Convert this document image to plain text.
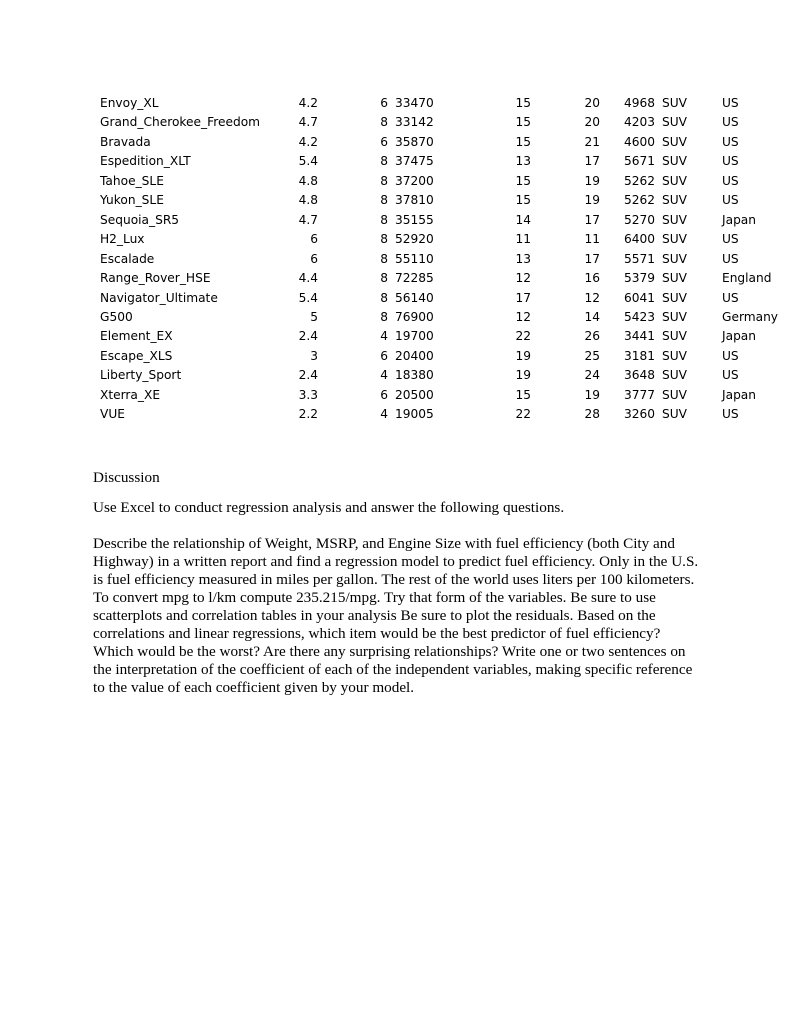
Envoy_XL	4.2	6	33470	15	20	4968	SUV	US
Grand_Cherokee_Freedom	4.7	8	33142	15	20	4203	SUV	US
Bravada	4.2	6	35870	15	21	4600	SUV	US
Espedition_XLT	5.4	8	37475	13	17	5671	SUV	US
Tahoe_SLE	4.8	8	37200	15	19	5262	SUV	US
Yukon_SLE	4.8	8	37810	15	19	5262	SUV	US
Sequoia_SR5	4.7	8	35155	14	17	5270	SUV	Japan
H2_Lux	6	8	52920	11	11	6400	SUV	US
Escalade	6	8	55110	13	17	5571	SUV	US
Range_Rover_HSE	4.4	8	72285	12	16	5379	SUV	England
Navigator_Ultimate	5.4	8	56140	17	12	6041	SUV	US
G500	5	8	76900	12	14	5423	SUV	Germany
Element_EX	2.4	4	19700	22	26	3441	SUV	Japan
Escape_XLS	3	6	20400	19	25	3181	SUV	US
Liberty_Sport	2.4	4	18380	19	24	3648	SUV	US
Xterra_XE	3.3	6	20500	15	19	3777	SUV	Japan
VUE	2.2	4	19005	22	28	3260	SUV	US

Discussion

Use Excel to conduct regression analysis and answer the following questions.

Describe the relationship of Weight, MSRP, and Engine Size with fuel efficiency (both City and Highway) in a written report and find a regression model to predict fuel efficiency. Only in the U.S. is fuel efficiency measured in miles per gallon. The rest of the world uses liters per 100 kilometers. To convert mpg to l/km compute 235.215/mpg. Try that form of the variables. Be sure to use scatterplots and correlation tables in your analysis Be sure to plot the residuals. Based on the correlations and linear regressions, which item would be the best predictor of fuel efficiency? Which would be the worst? Are there any surprising relationships? Write one or two sentences on the interpretation of the coefficient of each of the independent variables, making specific reference to the value of each coefficient given by your model.
